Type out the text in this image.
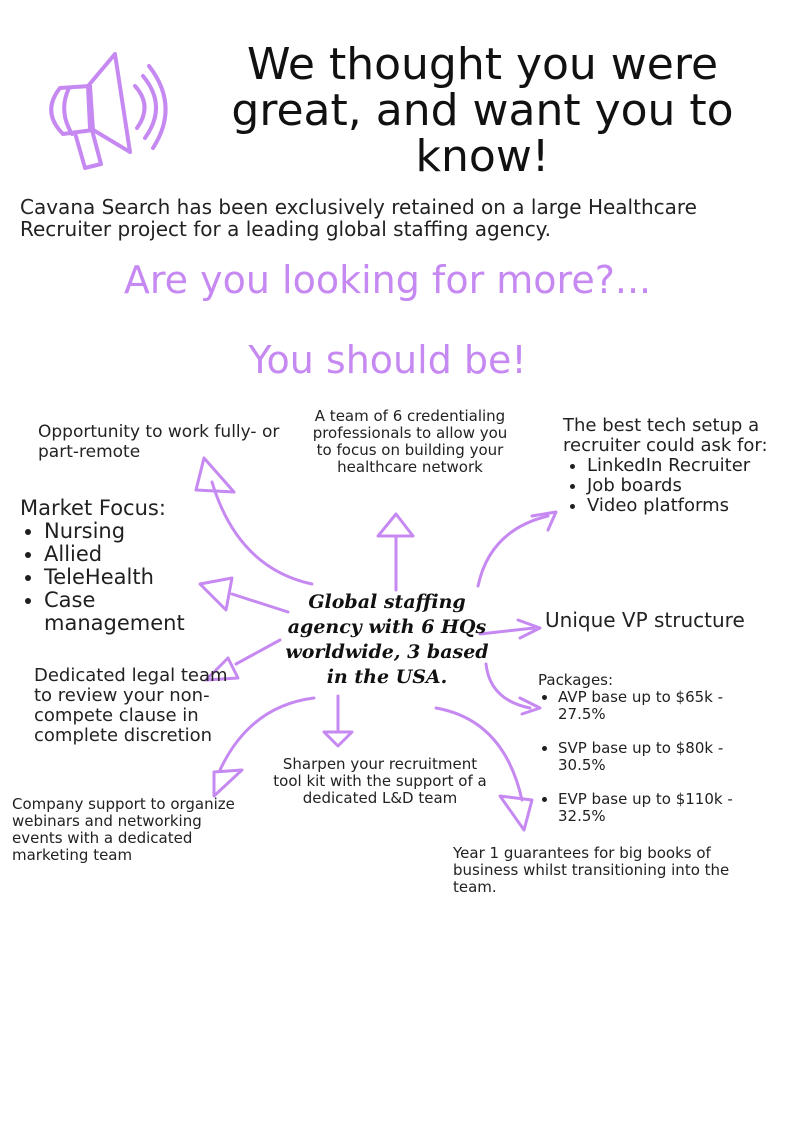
We thought you were great, and want you to know!

Cavana Search has been exclusively retained on a large Healthcare Recruiter project for a leading global staffing agency.

Are you looking for more?...
You should be!
Global staffing agency with 6 HQs worldwide, 3 based in the USA.
Opportunity to work fully- or part-remote
A team of 6 credentialing professionals to allow you to focus on building your healthcare network
The best tech setup a recruiter could ask for:
• LinkedIn Recruiter
• Job boards
• Video platforms
Market Focus:
• Nursing
• Allied
• TeleHealth
• Case management	Unique VP structure
Dedicated legal team to review your non-compete clause in complete discretion
Packages:
• AVP base up to $65k - 27.5%
• SVP base up to $80k - 30.5%
• EVP base up to $110k - 32.5%
Sharpen your recruitment tool kit with the support of a dedicated L&D team
Company support to organize webinars and networking events with a dedicated marketing team	Year 1 guarantees for big books of business whilst transitioning into the team.
